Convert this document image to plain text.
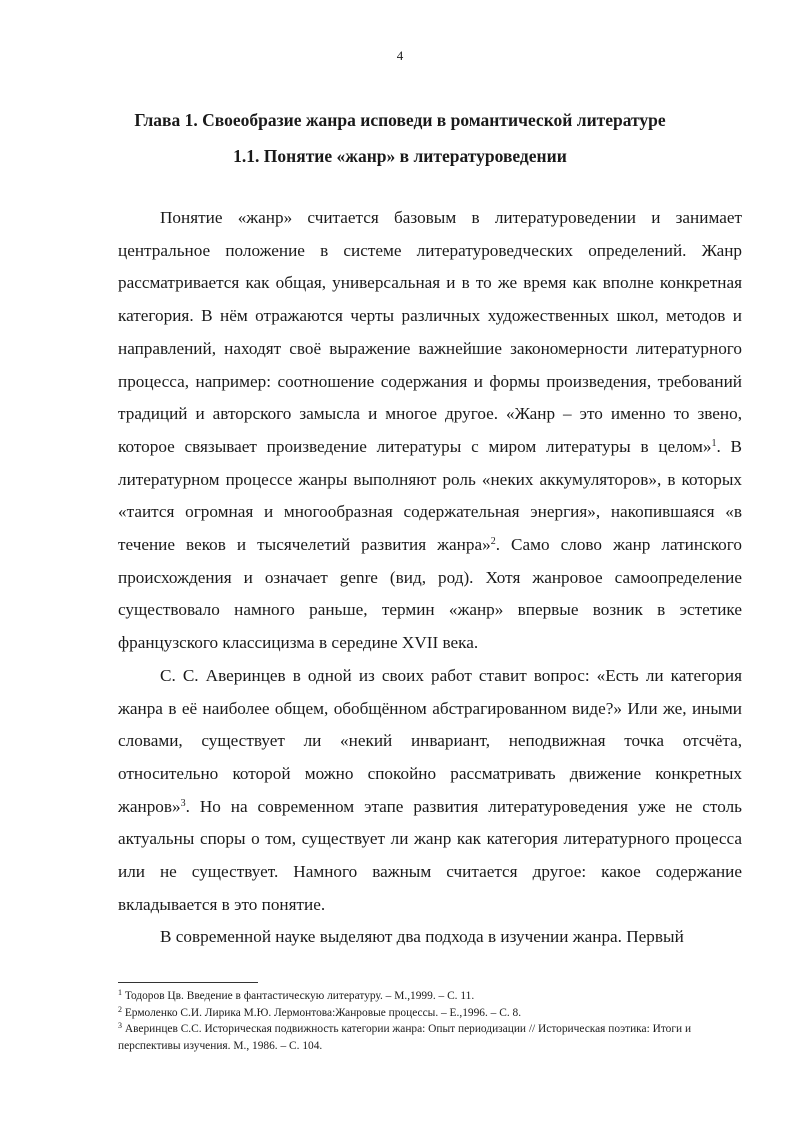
4
Глава 1. Своеобразие жанра исповеди в романтической литературе
1.1. Понятие «жанр» в литературоведении

Понятие «жанр» считается базовым в литературоведении и занимает центральное положение в системе литературоведческих определений. Жанр рассматривается как общая, универсальная и в то же время как вполне конкретная категория. В нём отражаются черты различных художественных школ, методов и направлений, находят своё выражение важнейшие закономерности литературного процесса, например: соотношение содержания и формы произведения, требований традиций и авторского замысла и многое другое. «Жанр – это именно то звено, которое связывает произведение литературы с миром литературы в целом»$^1$. В литературном процессе жанры выполняют роль «неких аккумуляторов», в которых «таится огромная и многообразная содержательная энергия», накопившаяся «в течение веков и тысячелетий развития жанра»$^2$. Само слово жанр латинского происхождения и означает genre (вид, род). Хотя жанровое самоопределение существовало намного раньше, термин «жанр» впервые возник в эстетике французского классицизма в середине XVII века.

С. С. Аверинцев в одной из своих работ ставит вопрос: «Есть ли категория жанра в её наиболее общем, обобщённом абстрагированном виде?» Или же, иными словами, существует ли «некий инвариант, неподвижная точка отсчёта, относительно которой можно спокойно рассматривать движение конкретных жанров»$^3$. Но на современном этапе развития литературоведения уже не столь актуальны споры о том, существует ли жанр как категория литературного процесса или не существует. Намного важным считается другое: какое содержание вкладывается в это понятие.

В современной науке выделяют два подхода в изучении жанра. Первый

$^1$ Тодоров Цв. Введение в фантастическую литературу. – М.,1999. – С. 11.
$^2$ Ермоленко С.И. Лирика М.Ю. Лермонтова:Жанровые процессы. – Е.,1996. – С. 8.
$^3$ Аверинцев С.С. Историческая подвижность категории жанра: Опыт периодизации // Историческая поэтика: Итоги и перспективы изучения. М., 1986. – С. 104.
